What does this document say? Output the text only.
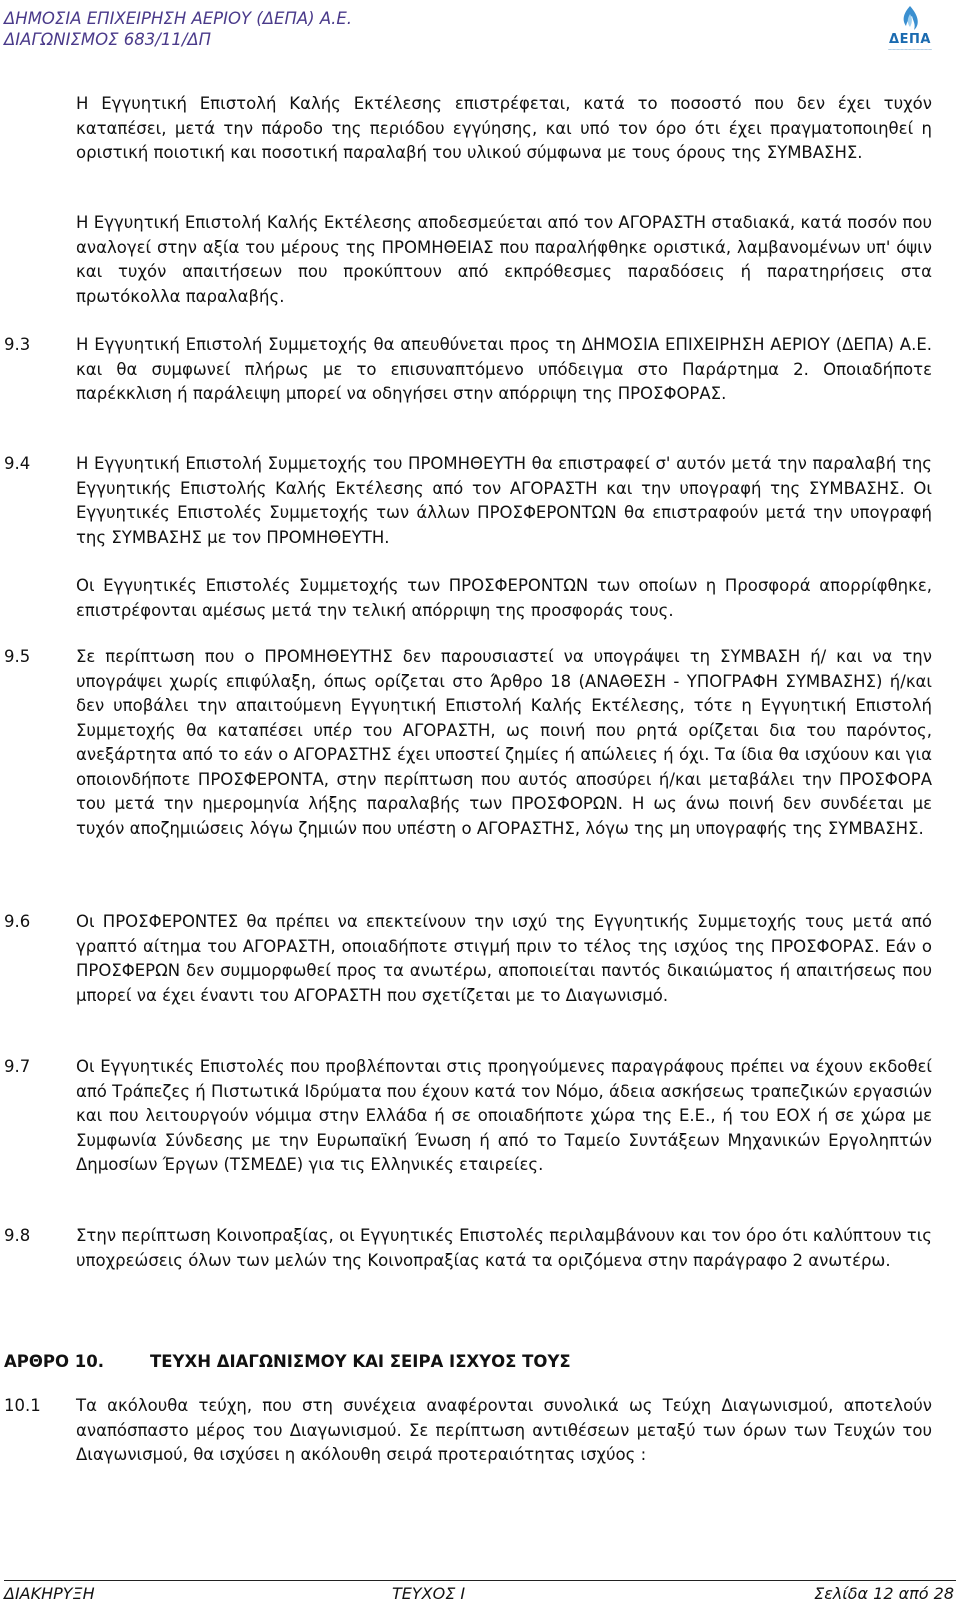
ΔΗΜΟΣΙΑ ΕΠΙΧΕΙΡΗΣΗ ΑΕΡΙΟΥ (ΔΕΠΑ) Α.Ε.
ΔΙΑΓΩΝΙΣΜΟΣ 683/11/ΔΠ	ΔΕΠΑ
———————————
Η Εγγυητική Επιστολή Καλής Εκτέλεσης επιστρέφεται, κατά το ποσοστό που δεν έχει τυχόν καταπέσει, μετά την πάροδο της περιόδου εγγύησης, και υπό τον όρο ότι έχει πραγματοποιηθεί η οριστική ποιοτική και ποσοτική παραλαβή του υλικού σύμφωνα με τους όρους της ΣΥΜΒΑΣΗΣ.
Η Εγγυητική Επιστολή Καλής Εκτέλεσης αποδεσμεύεται από τον ΑΓΟΡΑΣΤΗ σταδιακά, κατά ποσόν που αναλογεί στην αξία του μέρους της ΠΡΟΜΗΘΕΙΑΣ που παραλήφθηκε οριστικά, λαμβανομένων υπ' όψιν και τυχόν απαιτήσεων που προκύπτουν από εκπρόθεσμες παραδόσεις ή παρατηρήσεις στα πρωτόκολλα παραλαβής.
9.3	Η Εγγυητική Επιστολή Συμμετοχής θα απευθύνεται προς τη ΔΗΜΟΣΙΑ ΕΠΙΧΕΙΡΗΣΗ ΑΕΡΙΟΥ (ΔΕΠΑ) Α.Ε. και θα συμφωνεί πλήρως με το επισυναπτόμενο υπόδειγμα στο Παράρτημα 2. Οποιαδήποτε παρέκκλιση ή παράλειψη μπορεί να οδηγήσει στην απόρριψη της ΠΡΟΣΦΟΡΑΣ.
9.4	Η Εγγυητική Επιστολή Συμμετοχής του ΠΡΟΜΗΘΕΥΤΗ θα επιστραφεί σ' αυτόν μετά την παραλαβή της Εγγυητικής Επιστολής Καλής Εκτέλεσης από τον ΑΓΟΡΑΣΤΗ και την υπογραφή της ΣΥΜΒΑΣΗΣ. Οι Εγγυητικές Επιστολές Συμμετοχής των άλλων ΠΡΟΣΦΕΡΟΝΤΩΝ θα επιστραφούν μετά την υπογραφή της ΣΥΜΒΑΣΗΣ με τον ΠΡΟΜΗΘΕΥΤΗ.
Οι Εγγυητικές Επιστολές Συμμετοχής των ΠΡΟΣΦΕΡΟΝΤΩΝ των οποίων η Προσφορά απορρίφθηκε, επιστρέφονται αμέσως μετά την τελική απόρριψη της προσφοράς τους.
9.5	Σε περίπτωση που ο ΠΡΟΜΗΘΕΥΤΗΣ δεν παρουσιαστεί να υπογράψει τη ΣΥΜΒΑΣΗ ή/ και να την υπογράψει χωρίς επιφύλαξη, όπως ορίζεται στο Άρθρο 18 (ΑΝΑΘΕΣΗ - ΥΠΟΓΡΑΦΗ ΣΥΜΒΑΣΗΣ) ή/και δεν υποβάλει την απαιτούμενη Εγγυητική Επιστολή Καλής Εκτέλεσης, τότε η Εγγυητική Επιστολή Συμμετοχής θα καταπέσει υπέρ του ΑΓΟΡΑΣΤΗ, ως ποινή που ρητά ορίζεται δια του παρόντος, ανεξάρτητα από το εάν ο ΑΓΟΡΑΣΤΗΣ έχει υποστεί ζημίες ή απώλειες ή όχι. Τα ίδια θα ισχύουν και για οποιονδήποτε ΠΡΟΣΦΕΡΟΝΤΑ, στην περίπτωση που αυτός αποσύρει ή/και μεταβάλει την ΠΡΟΣΦΟΡΑ του μετά την ημερομηνία λήξης παραλαβής των ΠΡΟΣΦΟΡΩΝ. Η ως άνω ποινή δεν συνδέεται με τυχόν αποζημιώσεις λόγω ζημιών που υπέστη ο ΑΓΟΡΑΣΤΗΣ, λόγω της μη υπογραφής της ΣΥΜΒΑΣΗΣ.
9.6	Οι ΠΡΟΣΦΕΡΟΝΤΕΣ θα πρέπει να επεκτείνουν την ισχύ της Εγγυητικής Συμμετοχής τους μετά από γραπτό αίτημα του ΑΓΟΡΑΣΤΗ, οποιαδήποτε στιγμή πριν το τέλος της ισχύος της ΠΡΟΣΦΟΡΑΣ. Εάν ο ΠΡΟΣΦΕΡΩΝ δεν συμμορφωθεί προς τα ανωτέρω, αποποιείται παντός δικαιώματος ή απαιτήσεως που μπορεί να έχει έναντι του ΑΓΟΡΑΣΤΗ που σχετίζεται με το Διαγωνισμό.
9.7	Οι Εγγυητικές Επιστολές που προβλέπονται στις προηγούμενες παραγράφους πρέπει να έχουν εκδοθεί από Τράπεζες ή Πιστωτικά Ιδρύματα που έχουν κατά τον Νόμο, άδεια ασκήσεως τραπεζικών εργασιών και που λειτουργούν νόμιμα στην Ελλάδα ή σε οποιαδήποτε χώρα της Ε.Ε., ή του ΕΟΧ ή σε χώρα με Συμφωνία Σύνδεσης με την Ευρωπαϊκή Ένωση ή από το Ταμείο Συντάξεων Μηχανικών Εργοληπτών Δημοσίων Έργων (ΤΣΜΕΔΕ) για τις Ελληνικές εταιρείες.
9.8	Στην περίπτωση Κοινοπραξίας, οι Εγγυητικές Επιστολές περιλαμβάνουν και τον όρο ότι καλύπτουν τις υποχρεώσεις όλων των μελών της Κοινοπραξίας κατά τα οριζόμενα στην παράγραφο 2 ανωτέρω.
ΑΡΘΡΟ 10.	ΤΕΥΧΗ ΔΙΑΓΩΝΙΣΜΟΥ ΚΑΙ ΣΕΙΡΑ ΙΣΧΥΟΣ ΤΟΥΣ
10.1 Τα ακόλουθα τεύχη, που στη συνέχεια αναφέρονται συνολικά ως Τεύχη Διαγωνισμού, αποτελούν αναπόσπαστο μέρος του Διαγωνισμού. Σε περίπτωση αντιθέσεων μεταξύ των όρων των Τευχών του Διαγωνισμού, θα ισχύσει η ακόλουθη σειρά προτεραιότητας ισχύος :
ΔΙΑΚΗΡΥΞΗ	ΤΕΥΧΟΣ Ι	Σελίδα 12 από 28
